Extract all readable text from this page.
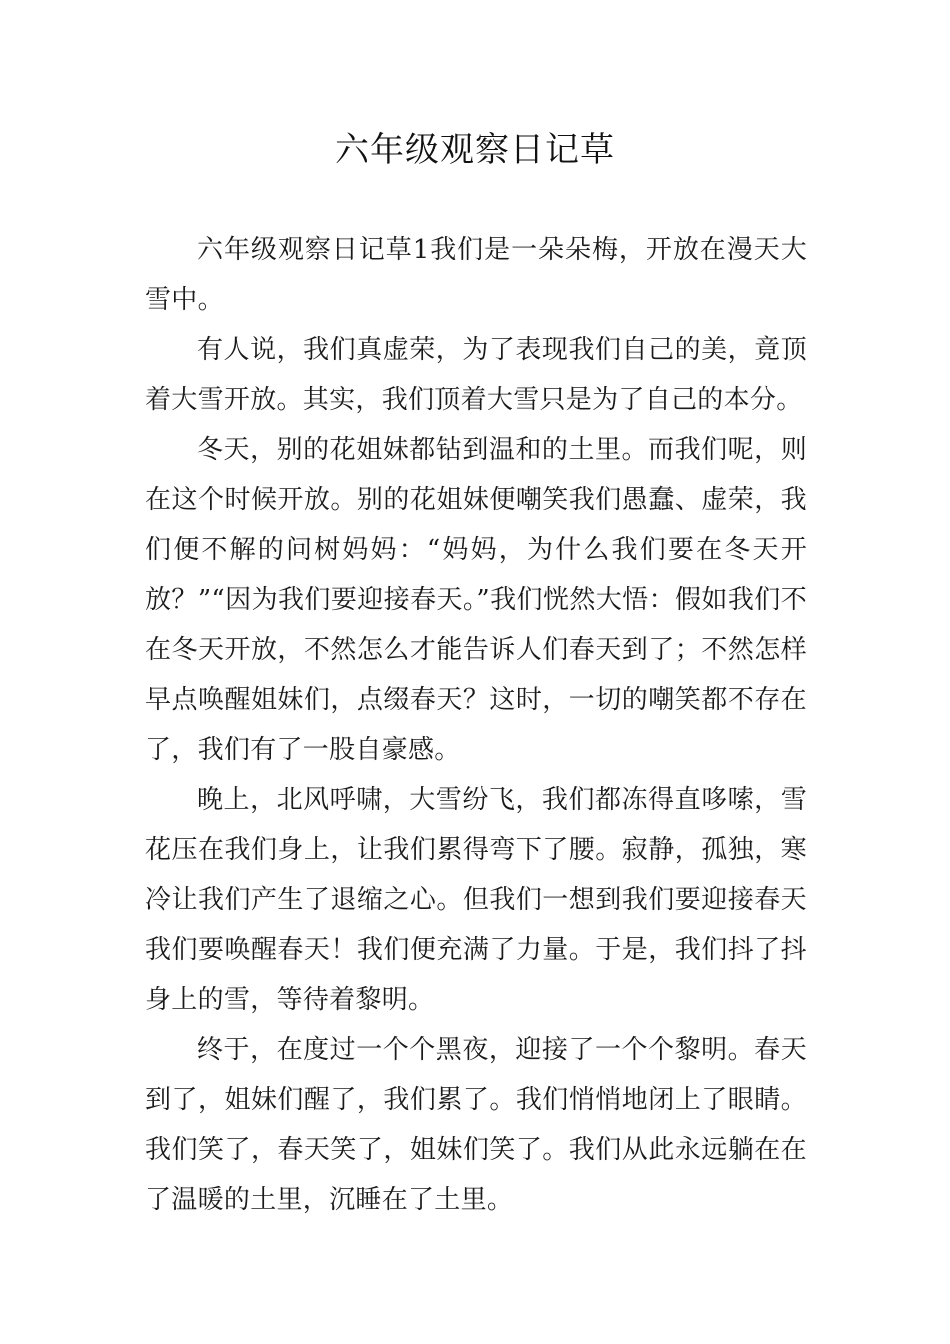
六年级观察日记草

六年级观察日记草1我们是一朵朵梅，开放在漫天大雪中。

有人说，我们真虚荣，为了表现我们自己的美，竟顶着大雪开放。其实，我们顶着大雪只是为了自己的本分。

冬天，别的花姐妹都钻到温和的土里。而我们呢，则在这个时候开放。别的花姐妹便嘲笑我们愚蠢、虚荣，我们便不解的问树妈妈：“妈妈，为什么我们要在冬天开放？”“因为我们要迎接春天。”我们恍然大悟：假如我们不在冬天开放，不然怎么才能告诉人们春天到了；不然怎样早点唤醒姐妹们，点缀春天？这时，一切的嘲笑都不存在了，我们有了一股自豪感。

晚上，北风呼啸，大雪纷飞，我们都冻得直哆嗦，雪花压在我们身上，让我们累得弯下了腰。寂静，孤独，寒冷让我们产生了退缩之心。但我们一想到我们要迎接春天我们要唤醒春天！我们便充满了力量。于是，我们抖了抖身上的雪，等待着黎明。

终于，在度过一个个黑夜，迎接了一个个黎明。春天到了，姐妹们醒了，我们累了。我们悄悄地闭上了眼睛。我们笑了，春天笑了，姐妹们笑了。我们从此永远躺在在了温暖的土里，沉睡在了土里。
